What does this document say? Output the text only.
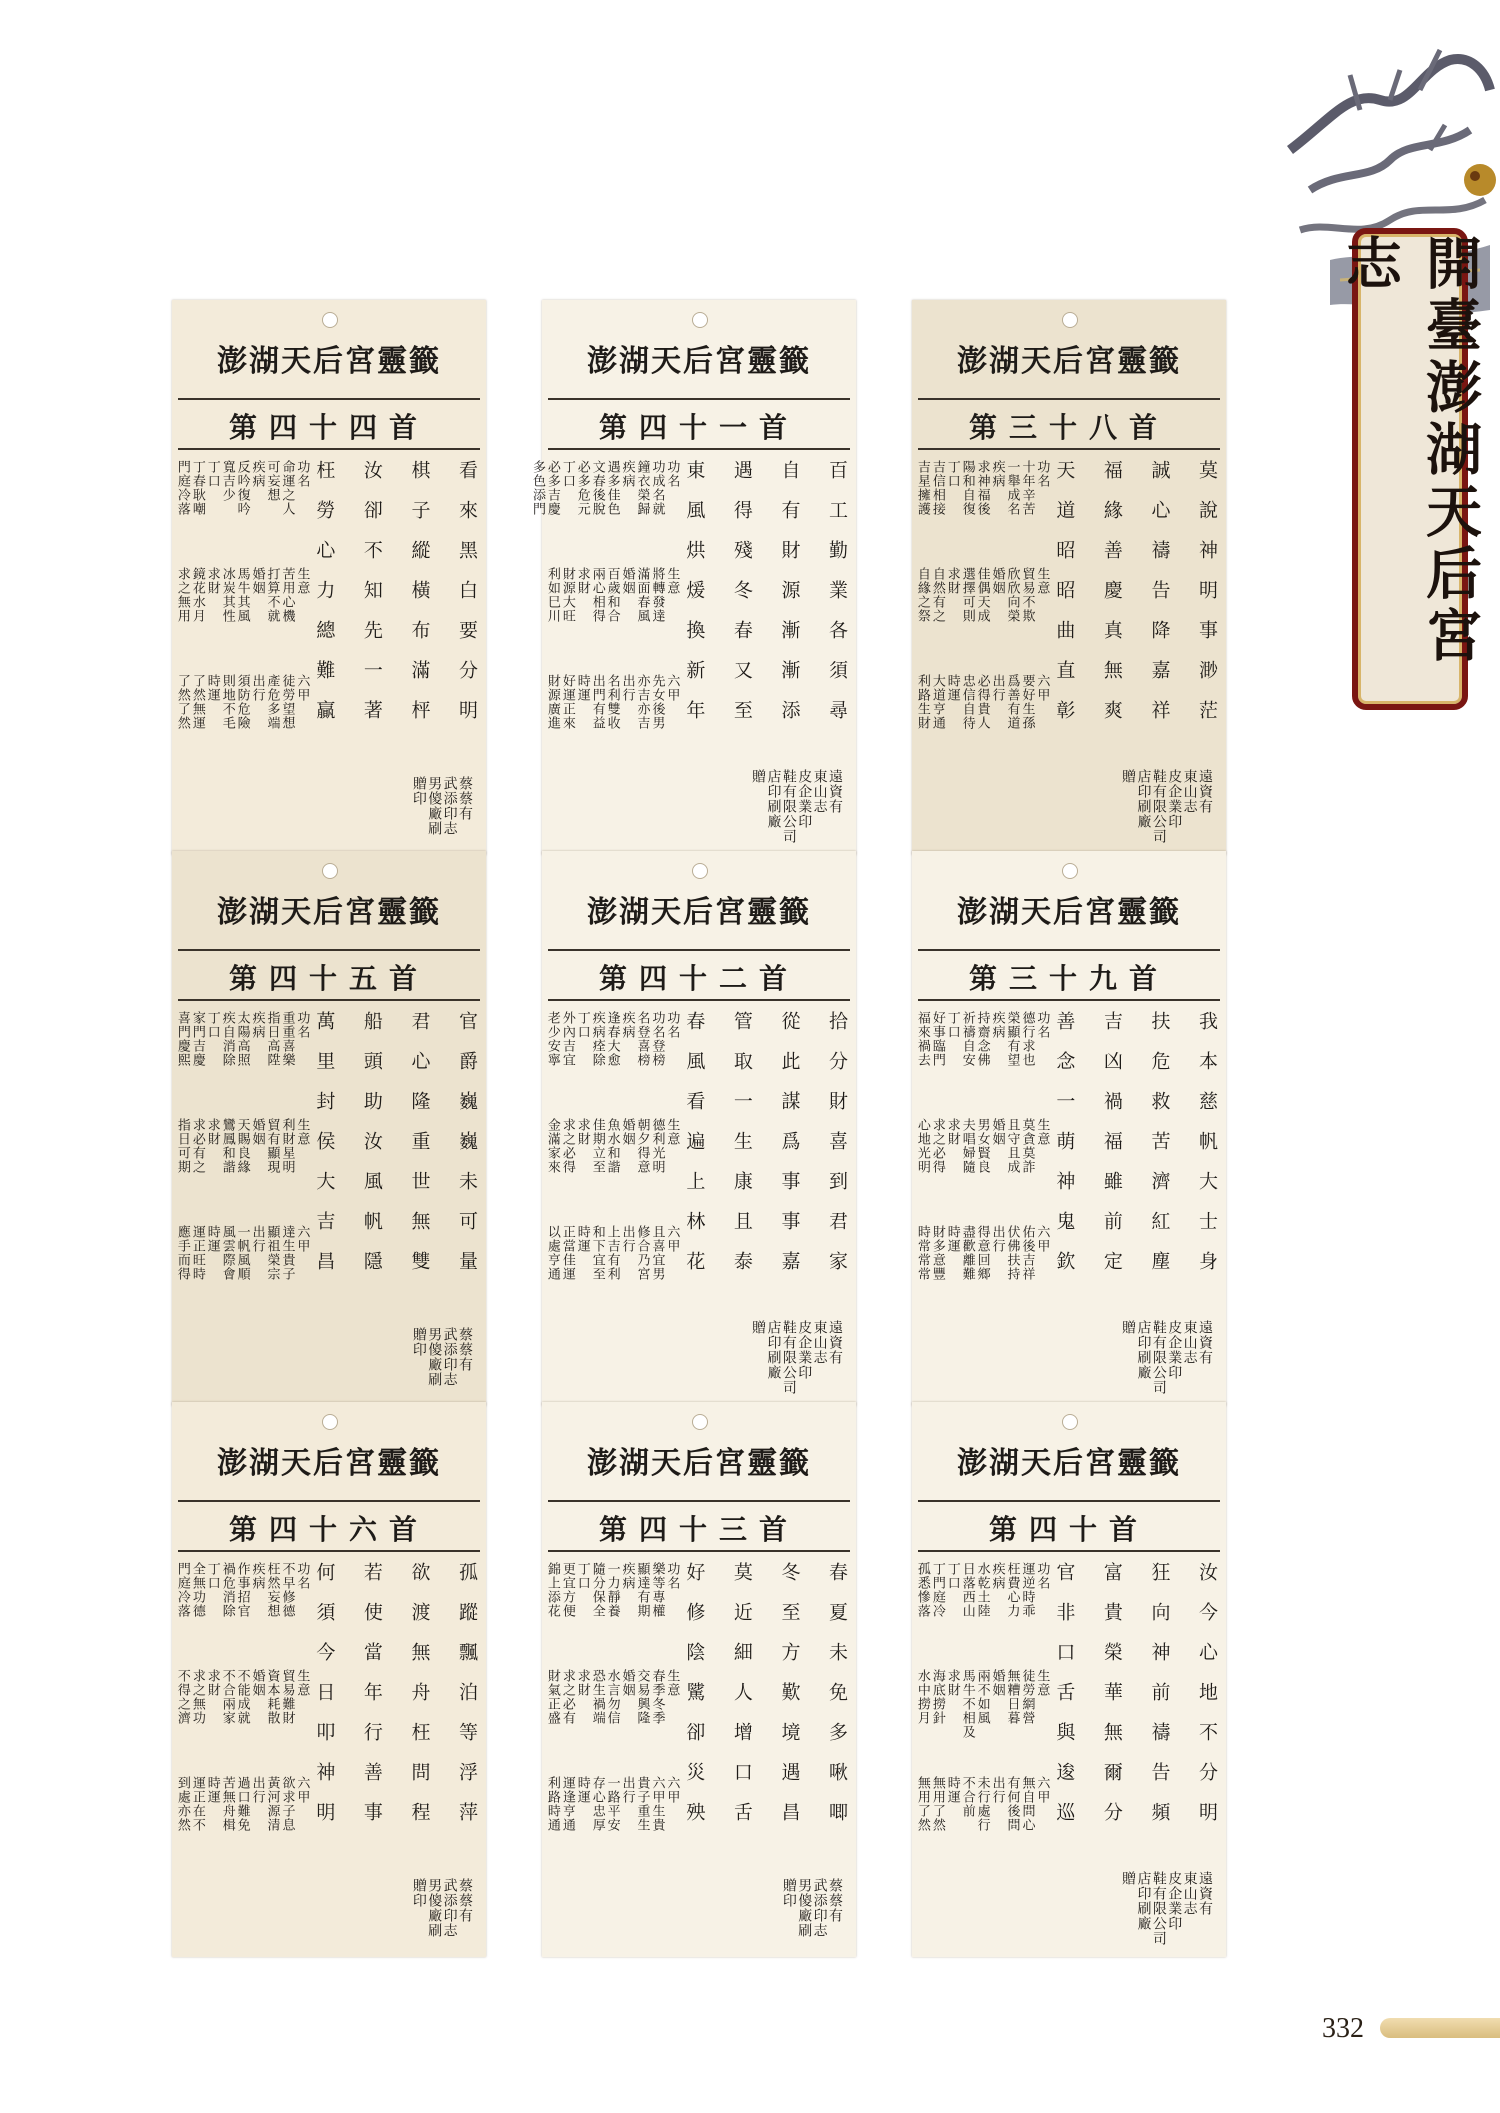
開臺澎湖天后宮志
澎湖天后宮靈籤
第四十四首
看來黑白要分明
棋子縱橫布滿枰
汝卻不知先一著
枉勞心力總難贏
功名
命運之人
可妄想
疾病
反吟復吟
寬吉少
丁口
丁春耿嘲
門庭冷落
生意
苦用心機
打算不就
婚姻
馬牛其風
冰炭其性
求財
鏡花水月
求之無用
六甲
徒勞望想
產危多端
出行
須防危險
則地不毛
時運
了然無運
了然了然
蔡蔡有
武添印志
男傻廠刷
贈印
澎湖天后宮靈籤
第四十一首
百工勤業各須尋
自有財源漸漸添
遇得殘冬春又至
東風烘煖換新年
功名
功成名就
鐘衣榮歸
疾病
遇多佳色
文春後脫
必多危元
丁口
必多吉慶
多色添門
生意
將轉發達
滿面春風
婚姻
百歲和合
兩心相得
求財
財源大旺
利如巳川
六甲
先女後男
亦吉亦吉
出行
名利雙收
出門有益
時運
好運正來
財源廣進
遠資有
東山志
皮企業印
鞋有限公司
店印刷廠
贈
澎湖天后宮靈籤
第三十八首
莫說神明事渺茫
誠心禱告降嘉祥
福緣善慶真無爽
天道昭昭曲直彰
功名
十年辛苦
一舉成名
疾病
求神福後
陽和自復
丁口
吉信相接
吉星擁護
生意
貿易不欺
欣欣向榮
婚姻
佳偶天成
選擇可則
求財
自然有之
自緣之祭
六甲
要好生孫
爲善有道
出行
必得貴人
忠信自待
時運
大道亨通
利路生財
遠資有
東山志
皮企業印
鞋有限公司
店印刷廠
贈
澎湖天后宮靈籤
第四十五首
官爵巍巍未可量
君心隆重世無雙
船頭助汝風帆隱
萬里封侯大吉昌
功名
重重喜樂
指日高陞
疾病
太陽高照
疾自消除
丁口
家門吉慶
喜門慶熙
生意
利財星明
貿有顯現
婚姻
天賜良緣
鸞鳳和諧
求財
求必有之
指日可期
六甲
達生貴子
顯祖榮宗
出行
一帆風順
風雲際會
時運
運正旺時
應手而得
蔡蔡有
武添印志
男傻廠刷
贈印
澎湖天后宮靈籤
第四十二首
拾分財喜到君家
從此謀爲事事嘉
管取一生康且泰
春風看遍上林花
功名
功名登榜
名登喜榜
疾病
逢春大愈
疾病痊除
丁口
外內吉宜
老少安寧
生意
德利光明
朝夕得意
婚姻
魚水和諧
佳期立至
求財
求之必得
金滿家來
六甲
且喜宜男
修合乃宮
出行
上吉有利
和下宜至
時運
正當佳運
以處亨通
遠資有
東山志
皮企業印
鞋有限公司
店印刷廠
贈
澎湖天后宮靈籤
第三十九首
我本慈帆大士身
扶危救苦濟紅塵
吉凶禍福雖前定
善念一萌神鬼欽
功名
德行求也
榮顯有望
疾病
持齋念佛
祈禱自安
丁口
好事臨門
福來禍去
生意
莫貪莫詐
且守且成
婚姻
男女賢良
夫唱婦隨
求財
求之必得
心地光明
六甲
佑後吉祥
伏佛扶持
出行
得意回鄉
盡歡離難
時運
財多意豐
時常常常
遠資有
東山志
皮企業印
鞋有限公司
店印刷廠
贈
澎湖天后宮靈籤
第四十六首
孤蹤飄泊等浮萍
欲渡無舟枉問程
若使當年行善事
何須今日叩神明
功名
不早修德
枉然妄想
疾病
作事招官
禍危消除
丁口
全無功德
門庭冷落
生意
貿易難財
資本耗散
婚姻
不能成就
不合兩家
求財
求之無功
不得之濟
六甲
欲求子息
黃河源清
出行
過口難免
苦無舟楫
時運
運正在不
到處亦然
蔡蔡有
武添印志
男傻廠刷
贈印
澎湖天后宮靈籤
第四十三首
春夏未免多啾唧
冬至方歎境遇昌
莫近細人增口舌
好修陰騭卻災殃
功名
樂等專權
顯達有期
疾病
一力靜養
隨分保全
丁口
更宜方便
錦上添花
生意
春季冬季
交易興隆
婚姻
水言勿信
恐生禍端
求財
求之必有
財氣正盛
六甲
六甲生貴
貴子重生
出行
一路平安
存心忠厚
時運
運逢亨通
利路時通
蔡蔡有
武添印志
男傻廠刷
贈印
澎湖天后宮靈籤
第四十首
汝今心地不分明
狂向神前禱告頻
富貴榮華無爾分
官非口舌與逡巡
功名
運逆時乖
枉費心力
疾病
水乾土陸
日落西山
丁口
丁門庭冷
孤悉慘落
生意
徒勞網營
無糟日暮
婚姻
兩不如風
馬牛不相及
求財
海底撈針
水中撈月
六甲
無自問心
有何後問
出行
未行處行
不合前
時運
無用了然
無用了然
遠資有
東山志
皮企業印
鞋有限公司
店印刷廠
贈
332
